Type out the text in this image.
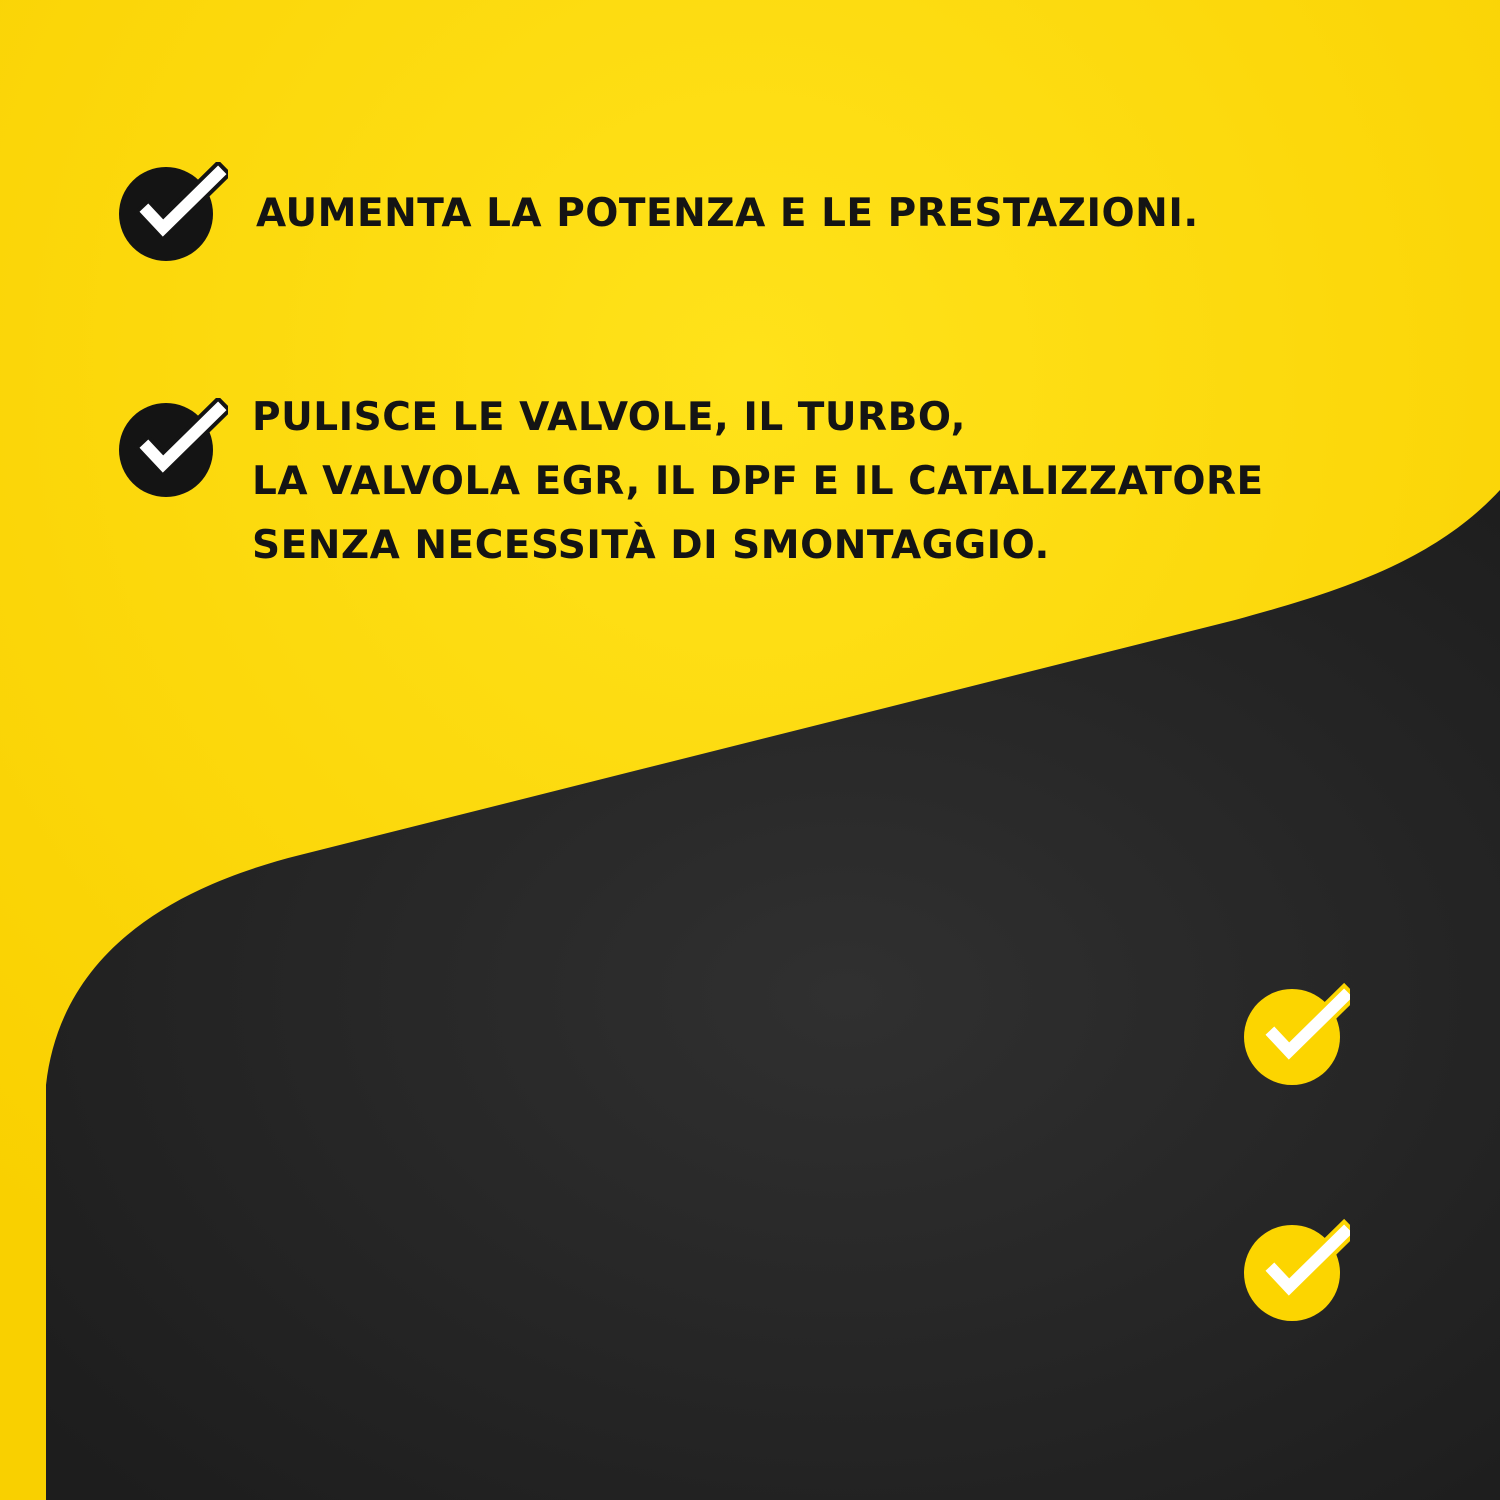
AUMENTA LA POTENZA E LE PRESTAZIONI.
PULISCE LE VALVOLE, IL TURBO,
LA VALVOLA EGR, IL DPF E IL CATALIZZATORE
SENZA NECESSITÀ DI SMONTAGGIO.
